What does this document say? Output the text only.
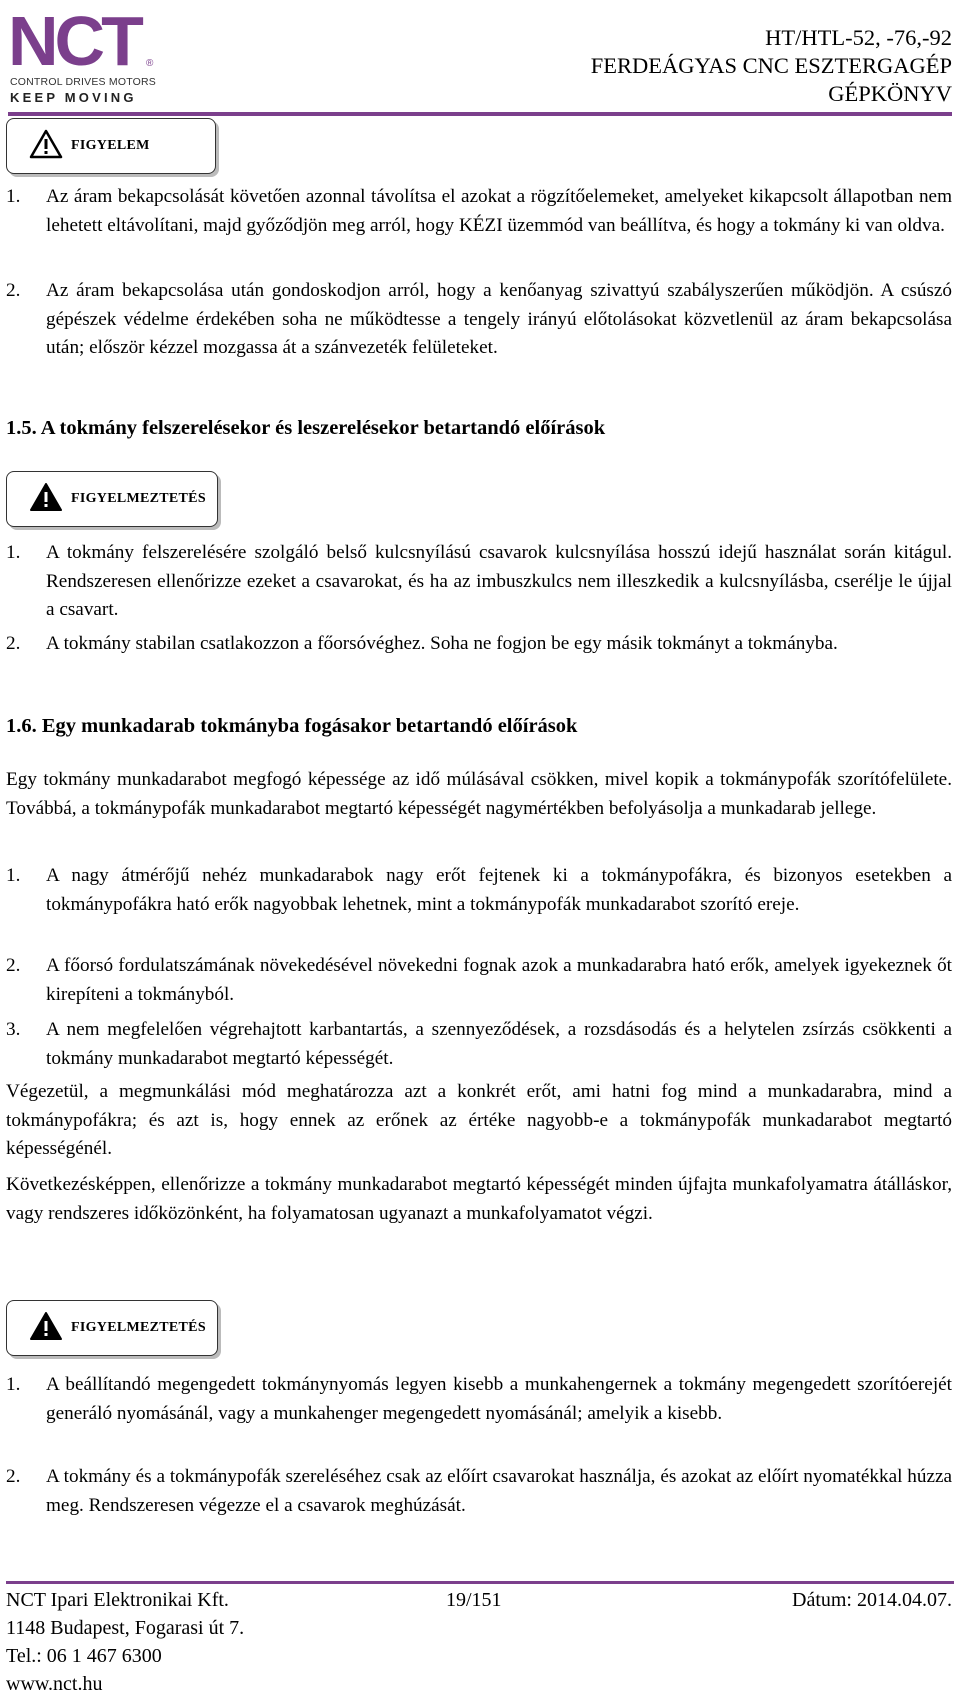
NCT ®
CONTROL DRIVES MOTORS
KEEP MOVING
HT/HTL-52, -76,-92
FERDEÁGYAS CNC ESZTERGAGÉP
GÉPKÖNYV
FIGYELEM
1. Az áram bekapcsolását követően azonnal távolítsa el azokat a rögzítőelemeket, amelyeket kikapcsolt állapotban nem lehetett eltávolítani, majd győződjön meg arról, hogy KÉZI üzemmód van beállítva, és hogy a tokmány ki van oldva.
2. Az áram bekapcsolása után gondoskodjon arról, hogy a kenőanyag szivattyú szabályszerűen működjön. A csúszó gépészek védelme érdekében soha ne működtesse a tengely irányú előtolásokat közvetlenül az áram bekapcsolása után; először kézzel mozgassa át a szánvezeték felületeket.
1.5. A tokmány felszerelésekor és leszerelésekor betartandó előírások
FIGYELMEZTETÉS
1. A tokmány felszerelésére szolgáló belső kulcsnyílású csavarok kulcsnyílása hosszú idejű használat során kitágul. Rendszeresen ellenőrizze ezeket a csavarokat, és ha az imbuszkulcs nem illeszkedik a kulcsnyílásba, cserélje le újjal a csavart.
2. A tokmány stabilan csatlakozzon a főorsóvéghez. Soha ne fogjon be egy másik tokmányt a tokmányba.
1.6. Egy munkadarab tokmányba fogásakor betartandó előírások
Egy tokmány munkadarabot megfogó képessége az idő múlásával csökken, mivel kopik a tokmánypofák szorítófelülete. Továbbá, a tokmánypofák munkadarabot megtartó képességét nagymértékben befolyásolja a munkadarab jellege.
1. A nagy átmérőjű nehéz munkadarabok nagy erőt fejtenek ki a tokmánypofákra, és bizonyos esetekben a tokmánypofákra ható erők nagyobbak lehetnek, mint a tokmánypofák munkadarabot szorító ereje.
2. A főorsó fordulatszámának növekedésével növekedni fognak azok a munkadarabra ható erők, amelyek igyekeznek őt kirepíteni a tokmányból.
3. A nem megfelelően végrehajtott karbantartás, a szennyeződések, a rozsdásodás és a helytelen zsírzás csökkenti a tokmány munkadarabot megtartó képességét.
Végezetül, a megmunkálási mód meghatározza azt a konkrét erőt, ami hatni fog mind a munkadarabra, mind a tokmánypofákra; és azt is, hogy ennek az erőnek az értéke nagyobb-e a tokmánypofák munkadarabot megtartó képességénél.
Következésképpen, ellenőrizze a tokmány munkadarabot megtartó képességét minden újfajta munkafolyamatra átálláskor, vagy rendszeres időközönként, ha folyamatosan ugyanazt a munkafolyamatot végzi.
FIGYELMEZTETÉS
1. A beállítandó megengedett tokmánynyomás legyen kisebb a munkahengernek a tokmány megengedett szorítóerejét generáló nyomásánál, vagy a munkahenger megengedett nyomásánál; amelyik a kisebb.
2. A tokmány és a tokmánypofák szereléséhez csak az előírt csavarokat használja, és azokat az előírt nyomatékkal húzza meg. Rendszeresen végezze el a csavarok meghúzását.
NCT Ipari Elektronikai Kft.
1148 Budapest, Fogarasi út 7.
Tel.: 06 1 467 6300
www.nct.hu
19/151	Dátum: 2014.04.07.
